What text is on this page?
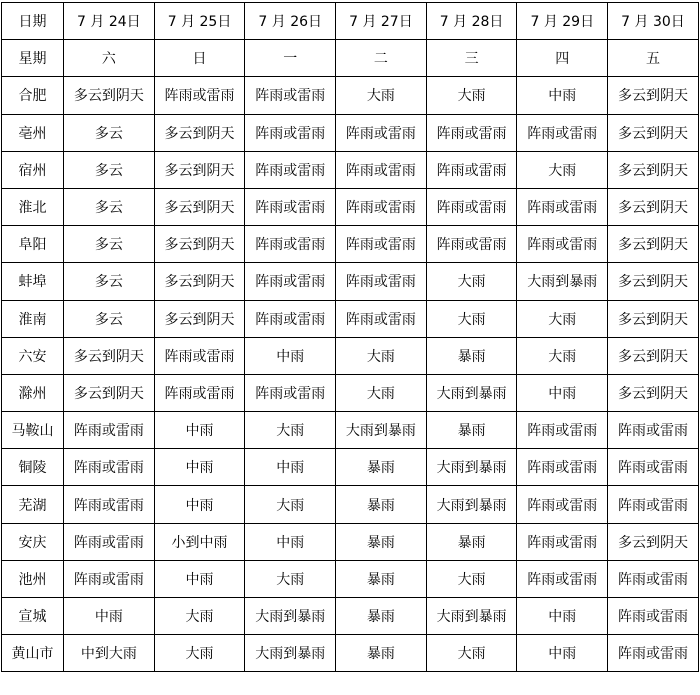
日期	7 月 24日	7 月 25日	7 月 26日	7 月 27日	7 月 28日	7 月 29日	7 月 30日
星期	六	日	一	二	三	四	五
合肥	多云到阴天	阵雨或雷雨	阵雨或雷雨	大雨	大雨	中雨	多云到阴天
亳州	多云	多云到阴天	阵雨或雷雨	阵雨或雷雨	阵雨或雷雨	阵雨或雷雨	多云到阴天
宿州	多云	多云到阴天	阵雨或雷雨	阵雨或雷雨	阵雨或雷雨	大雨	多云到阴天
淮北	多云	多云到阴天	阵雨或雷雨	阵雨或雷雨	阵雨或雷雨	阵雨或雷雨	多云到阴天
阜阳	多云	多云到阴天	阵雨或雷雨	阵雨或雷雨	阵雨或雷雨	阵雨或雷雨	多云到阴天
蚌埠	多云	多云到阴天	阵雨或雷雨	阵雨或雷雨	大雨	大雨到暴雨	多云到阴天
淮南	多云	多云到阴天	阵雨或雷雨	阵雨或雷雨	大雨	大雨	多云到阴天
六安	多云到阴天	阵雨或雷雨	中雨	大雨	暴雨	大雨	多云到阴天
滁州	多云到阴天	阵雨或雷雨	阵雨或雷雨	大雨	大雨到暴雨	中雨	多云到阴天
马鞍山	阵雨或雷雨	中雨	大雨	大雨到暴雨	暴雨	阵雨或雷雨	阵雨或雷雨
铜陵	阵雨或雷雨	中雨	中雨	暴雨	大雨到暴雨	阵雨或雷雨	阵雨或雷雨
芜湖	阵雨或雷雨	中雨	大雨	暴雨	大雨到暴雨	阵雨或雷雨	阵雨或雷雨
安庆	阵雨或雷雨	小到中雨	中雨	暴雨	暴雨	阵雨或雷雨	多云到阴天
池州	阵雨或雷雨	中雨	大雨	暴雨	大雨	阵雨或雷雨	阵雨或雷雨
宣城	中雨	大雨	大雨到暴雨	暴雨	大雨到暴雨	中雨	阵雨或雷雨
黄山市	中到大雨	大雨	大雨到暴雨	暴雨	大雨	中雨	阵雨或雷雨
